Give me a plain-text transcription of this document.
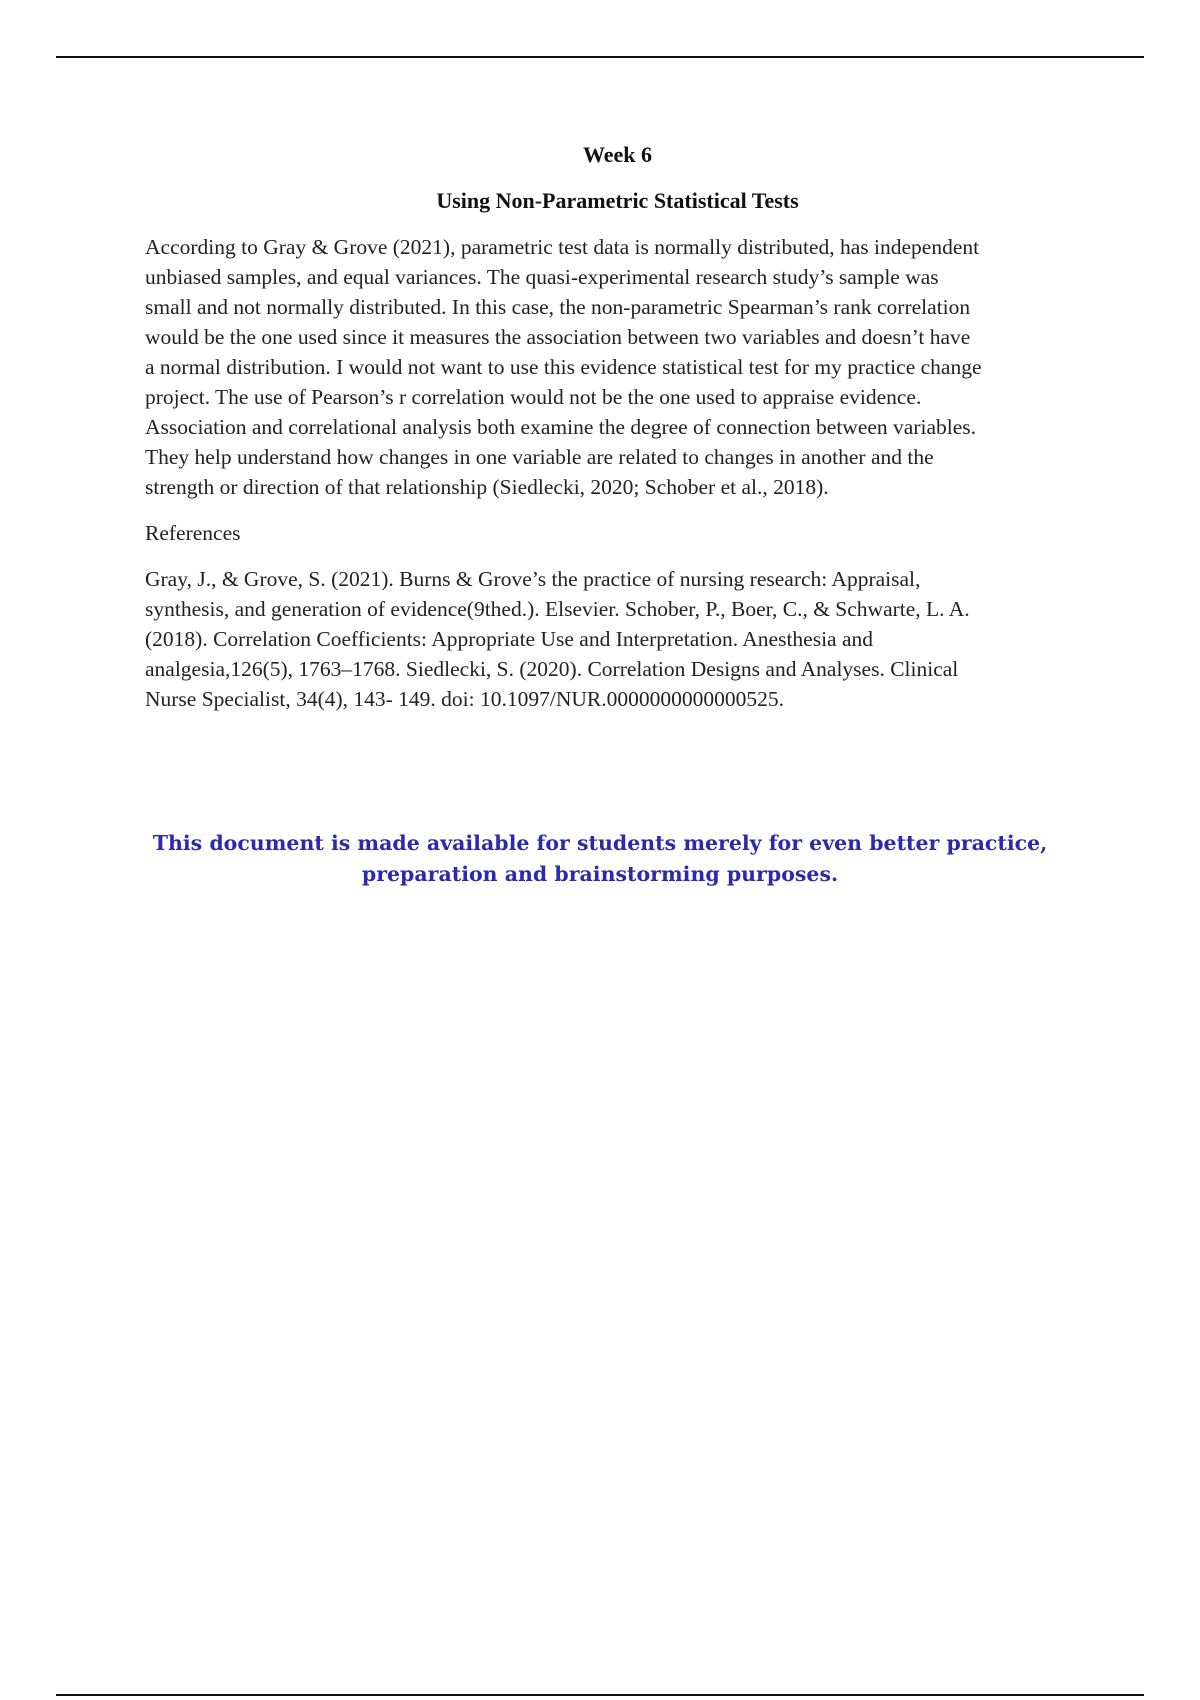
Week 6
Using Non-Parametric Statistical Tests
According to Gray & Grove (2021), parametric test data is normally distributed, has independent
unbiased samples, and equal variances. The quasi-experimental research study’s sample was
small and not normally distributed. In this case, the non-parametric Spearman’s rank correlation
would be the one used since it measures the association between two variables and doesn’t have
a normal distribution. I would not want to use this evidence statistical test for my practice change
project. The use of Pearson’s r correlation would not be the one used to appraise evidence.
Association and correlational analysis both examine the degree of connection between variables.
They help understand how changes in one variable are related to changes in another and the
strength or direction of that relationship (Siedlecki, 2020; Schober et al., 2018).
References
Gray, J., & Grove, S. (2021). Burns & Grove’s the practice of nursing research: Appraisal,
synthesis, and generation of evidence(9thed.). Elsevier. Schober, P., Boer, C., & Schwarte, L. A.
(2018). Correlation Coefficients: Appropriate Use and Interpretation. Anesthesia and
analgesia,126(5), 1763–1768. Siedlecki, S. (2020). Correlation Designs and Analyses. Clinical
Nurse Specialist, 34(4), 143- 149. doi: 10.1097/NUR.0000000000000525.
This document is made available for students merely for even better practice,
preparation and brainstorming purposes.
